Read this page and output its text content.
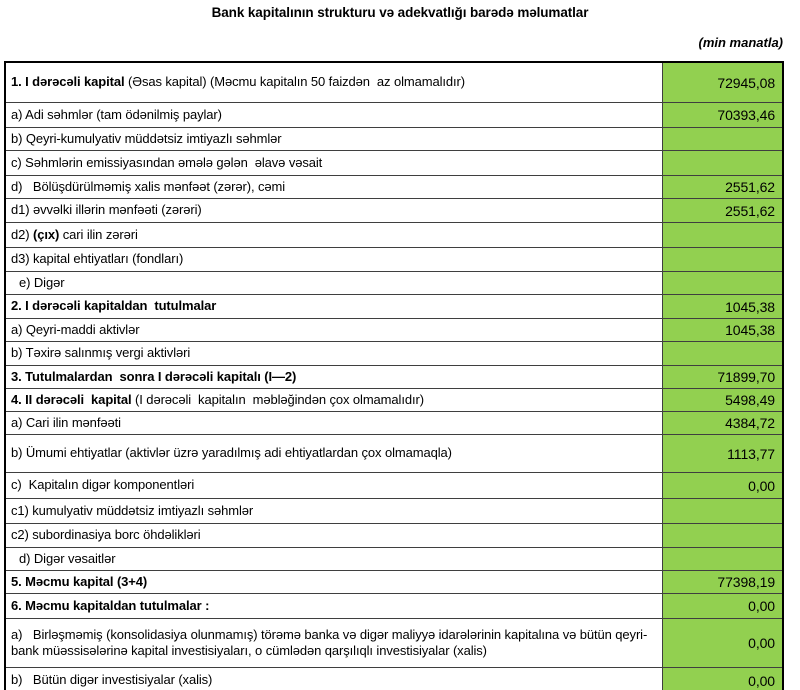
Bank kapitalının strukturu və adekvatlığı barədə məlumatlar
(min manatla)
1. I dərəcəli kapital (Əsas kapital) (Məcmu kapitalın 50 faizdən  az olmamalıdır)	72945,08
a) Adi səhmlər (tam ödənilmiş paylar)	70393,46
b) Qeyri-kumulyativ müddətsiz imtiyazlı səhmlər
c) Səhmlərin emissiyasından əmələ gələn  əlavə vəsait
d)   Bölüşdürülməmiş xalis mənfəət (zərər), cəmi	2551,62
d1) əvvəlki illərin mənfəəti (zərəri)	2551,62
d2) (çıx) cari ilin zərəri
d3) kapital ehtiyatları (fondları)
e) Digər
2. I dərəcəli kapitaldan  tutulmalar	1045,38
a) Qeyri-maddi aktivlər	1045,38
b) Təxirə salınmış vergi aktivləri
3. Tutulmalardan  sonra I dərəcəli kapitalı (I—2)	71899,70
4. II dərəcəli  kapital (I dərəcəli  kapitalın  məbləğindən çox olmamalıdır)	5498,49
a) Cari ilin mənfəəti	4384,72
b) Ümumi ehtiyatlar (aktivlər üzrə yaradılmış adi ehtiyatlardan çox olmamaqla)	1113,77
c)  Kapitalın digər komponentləri	0,00
c1) kumulyativ müddətsiz imtiyazlı səhmlər
c2) subordinasiya borc öhdəlikləri
d) Digər vəsaitlər
5. Məcmu kapital (3+4)	77398,19
6. Məcmu kapitaldan tutulmalar :	0,00
a)   Birləşməmiş (konsolidasiya olunmamış) törəmə banka və digər maliyyə idarələrinin kapitalına və bütün qeyri-bank müəssisələrinə kapital investisiyaları, o cümlədən qarşılıqlı investisiyalar (xalis)	0,00
b)   Bütün digər investisiyalar (xalis)	0,00
